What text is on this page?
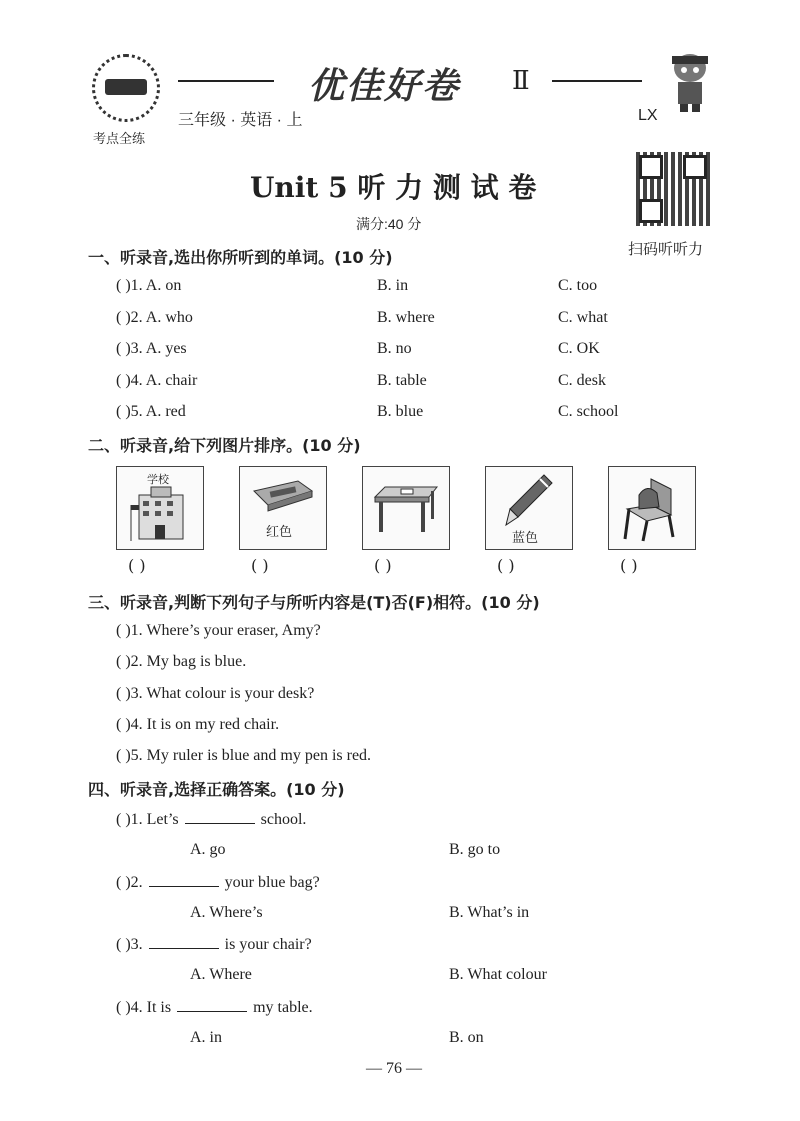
考点全练
优佳好卷 Ⅱ
三年级 · 英语 · 上	LX
扫码听听力
Unit 5 听 力 测 试 卷
满分:40 分
一、听录音,选出你所听到的单词。(10 分)
( )1. A. on	B. in	C. too
( )2. A. who	B. where	C. what
( )3. A. yes	B. no	C. OK
( )4. A. chair	B. table	C. desk
( )5. A. red	B. blue	C. school
二、听录音,给下列图片排序。(10 分)
学校
红色	蓝色
( )	( )	( )	( )	( )
三、听录音,判断下列句子与所听内容是(T)否(F)相符。(10 分)
( )1. Where’s your eraser, Amy?
( )2. My bag is blue.
( )3. What colour is your desk?
( )4. It is on my red chair.
( )5. My ruler is blue and my pen is red.
四、听录音,选择正确答案。(10 分)
( )1. Let’s	school.
A. go	B. go to
( )2.	your blue bag?
A. Where’s	B. What’s in
( )3.	is your chair?
A. Where	B. What colour
( )4. It is	my table.
A. in	B. on
— 76 —
